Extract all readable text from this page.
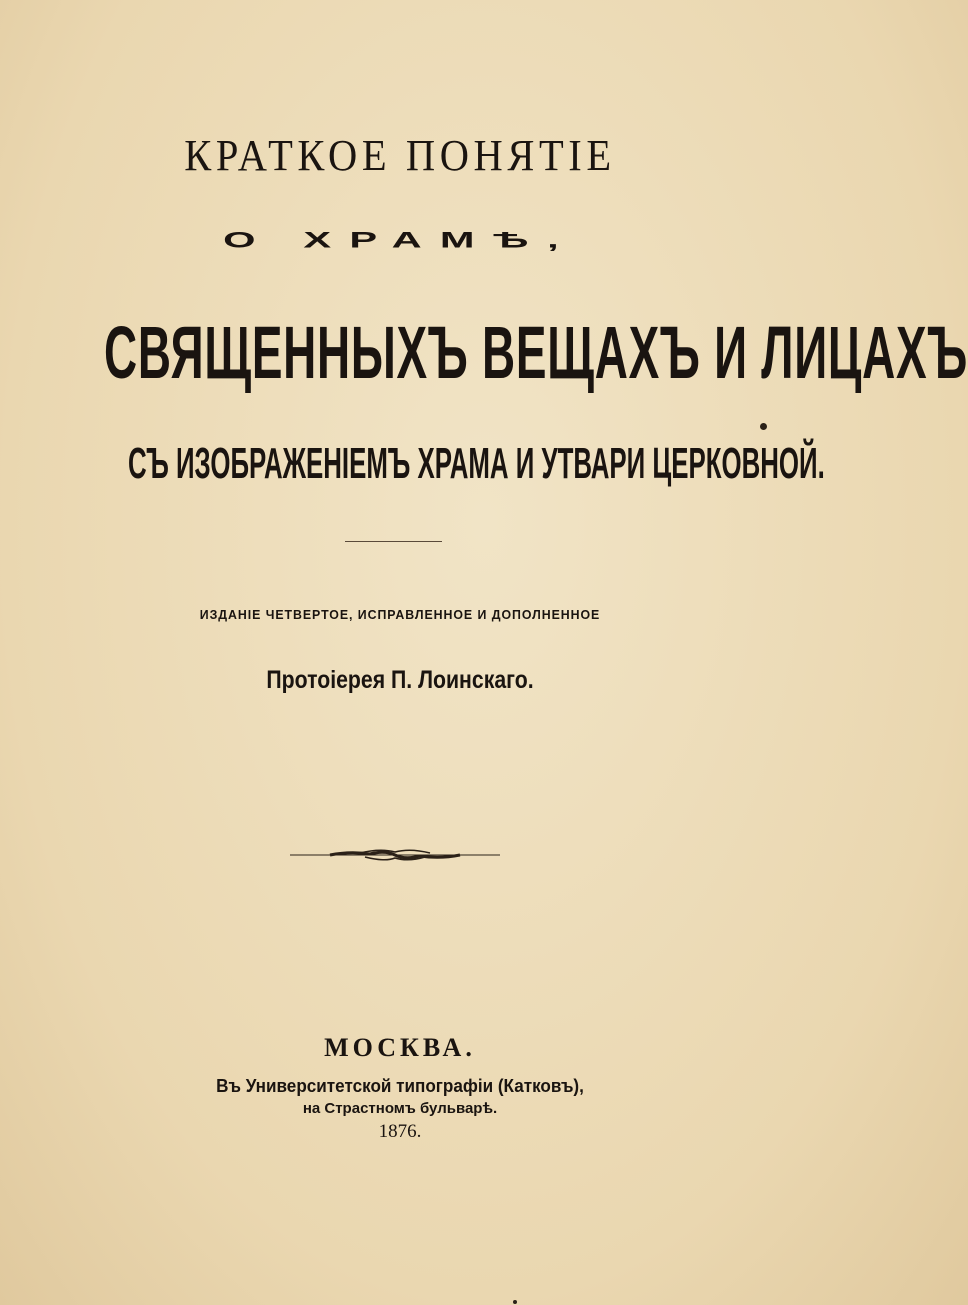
КРАТКОЕ ПОНЯТІЕ
О ХРАМѢ,
СВЯЩЕННЫХЪ ВЕЩАХЪ И ЛИЦАХЪ
СЪ ИЗОБРАЖЕНІЕМЪ ХРАМА И УТВАРИ ЦЕРКОВНОЙ.
ИЗДАНІЕ ЧЕТВЕРТОЕ, ИСПРАВЛЕННОЕ И ДОПОЛНЕННОЕ
Протоіерея П. Лоинскаго.
МОСКВА.
Въ Университетской типографіи (Катковъ),
на Страстномъ бульварѣ.
1876.
